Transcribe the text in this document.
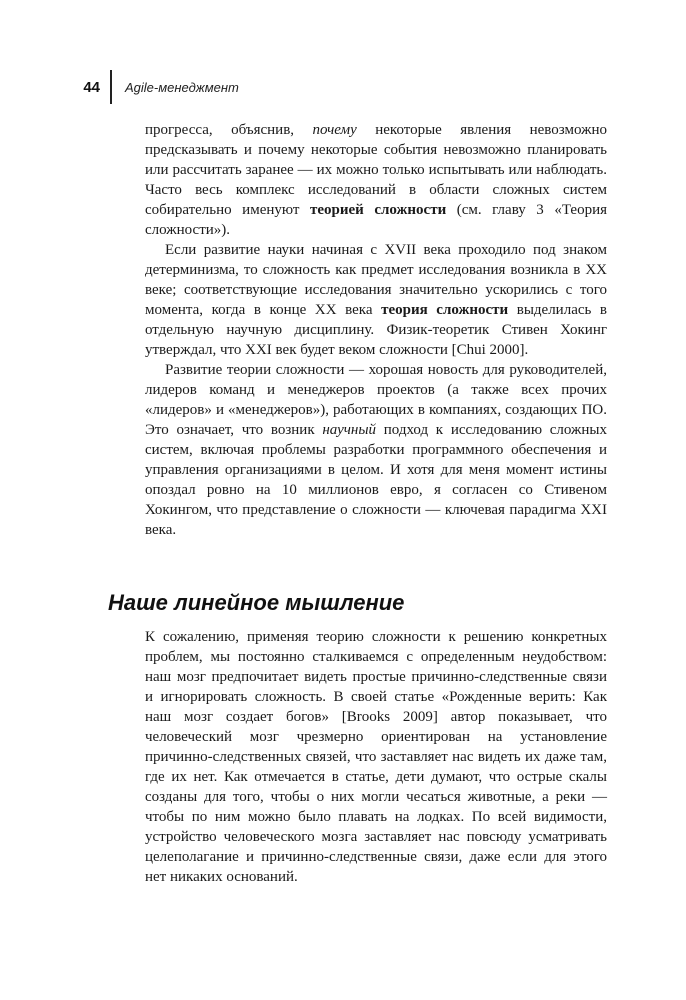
44 Agile-менеджмент

прогресса, объяснив, почему некоторые явления невозможно предсказывать и почему некоторые события невозможно планировать или рассчитать заранее — их можно только испытывать или наблюдать. Часто весь комплекс исследований в области сложных систем собирательно именуют теорией сложности (см. главу 3 «Теория сложности»).

Если развитие науки начиная с XVII века проходило под знаком детерминизма, то сложность как предмет исследования возникла в XX веке; соответствующие исследования значительно ускорились с того момента, когда в конце XX века теория сложности выделилась в отдельную научную дисциплину. Физик-теоретик Стивен Хокинг утверждал, что XXI век будет веком сложности [Chui 2000].

Развитие теории сложности — хорошая новость для руководителей, лидеров команд и менеджеров проектов (а также всех прочих «лидеров» и «менеджеров»), работающих в компаниях, создающих ПО. Это означает, что возник научный подход к исследованию сложных систем, включая проблемы разработки программного обеспечения и управления организациями в целом. И хотя для меня момент истины опоздал ровно на 10 миллионов евро, я согласен со Стивеном Хокингом, что представление о сложности — ключевая парадигма XXI века.

Наше линейное мышление

К сожалению, применяя теорию сложности к решению конкретных проблем, мы постоянно сталкиваемся с определенным неудобством: наш мозг предпочитает видеть простые причинно-следственные связи и игнорировать сложность. В своей статье «Рожденные верить: Как наш мозг создает богов» [Brooks 2009] автор показывает, что человеческий мозг чрезмерно ориентирован на установление причинно-следственных связей, что заставляет нас видеть их даже там, где их нет. Как отмечается в статье, дети думают, что острые скалы созданы для того, чтобы о них могли чесаться животные, а реки — чтобы по ним можно было плавать на лодках. По всей видимости, устройство человеческого мозга заставляет нас повсюду усматривать целеполагание и причинно-следственные связи, даже если для этого нет никаких оснований.
